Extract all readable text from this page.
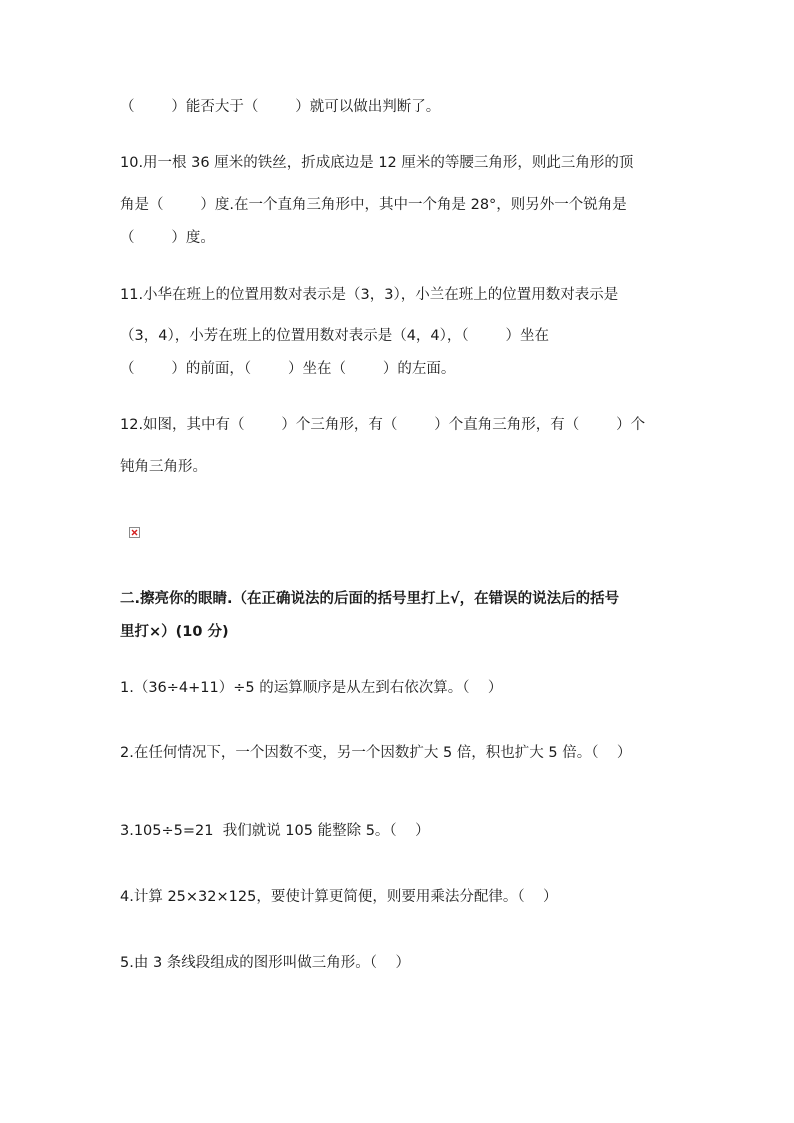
（        ）能否大于（        ）就可以做出判断了。
10.用一根 36 厘米的铁丝，折成底边是 12 厘米的等腰三角形，则此三角形的顶
角是（        ）度.在一个直角三角形中，其中一个角是 28°，则另外一个锐角是
（        ）度。
11.小华在班上的位置用数对表示是（3，3），小兰在班上的位置用数对表示是
（3，4），小芳在班上的位置用数对表示是（4，4），（        ）坐在
（        ）的前面，（        ）坐在（        ）的左面。
12.如图，其中有（        ）个三角形，有（        ）个直角三角形，有（        ）个
钝角三角形。
二.擦亮你的眼睛.（在正确说法的后面的括号里打上√，在错误的说法后的括号
里打×）(10 分)
1.（36÷4+11）÷5 的运算顺序是从左到右依次算。（    ）
2.在任何情况下，一个因数不变，另一个因数扩大 5 倍，积也扩大 5 倍。（    ）
3.105÷5=21  我们就说 105 能整除 5。（    ）
4.计算 25×32×125，要使计算更简便，则要用乘法分配律。（    ）
5.由 3 条线段组成的图形叫做三角形。（    ）
